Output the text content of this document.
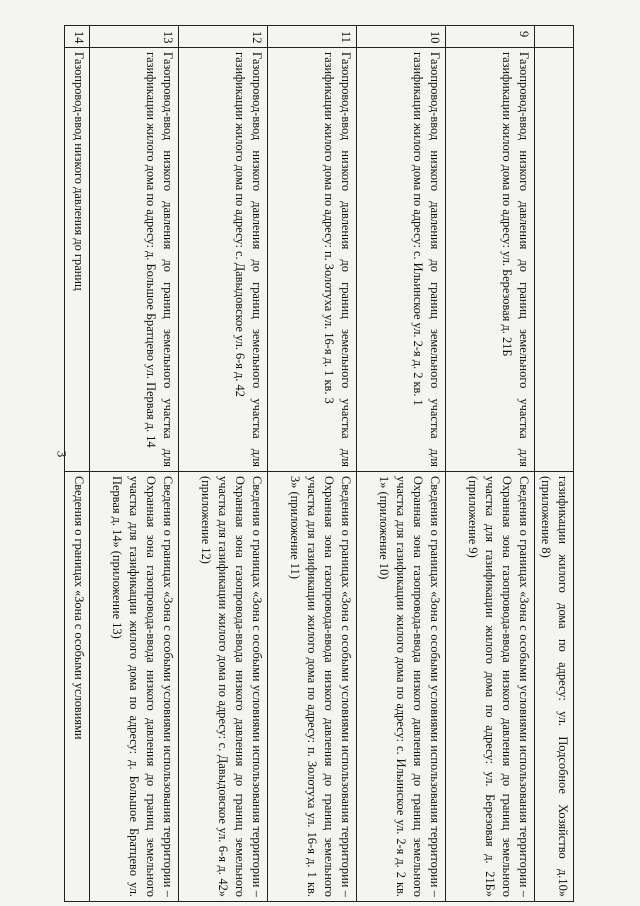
3
		газификации жилого дома по адресу: ул. Подсобное Хозяйство д.10» (приложение 8)
9	Газопровод-ввод низкого давления до границ земельного участка для газификации жилого дома по адресу: ул. Березовая д. 21Б	Сведения о границах «Зона с особыми условиями использования территории – Охранная зона газопровода-ввода низкого давления до границ земельного участка для газификации жилого дома по адресу: ул. Березовая д. 21Б» (приложение 9)
10	Газопровод-ввод низкого давления до границ земельного участка для газификации жилого дома по адресу: с. Ильинское ул. 2-я д. 2 кв. 1	Сведения о границах «Зона с особыми условиями использования территории – Охранная зона газопровода-ввода низкого давления до границ земельного участка для газификации жилого дома по адресу: с. Ильинское ул. 2-я д. 2 кв. 1» (приложение 10)
11	Газопровод-ввод низкого давления до границ земельного участка для газификации жилого дома по адресу: п. Золотуха ул. 16-я д. 1 кв. 3	Сведения о границах «Зона с особыми условиями использования территории – Охранная зона газопровода-ввода низкого давления до границ земельного участка для газификации жилого дома по адресу: п. Золотуха ул. 16-я д. 1 кв. 3» (приложение 11)
12	Газопровод-ввод низкого давления до границ земельного участка для газификации жилого дома по адресу: с. Давыдовское ул. 6-я д. 42	Сведения о границах «Зона с особыми условиями использования территории – Охранная зона газопровода-ввода низкого давления до границ земельного участка для газификации жилого дома по адресу: с. Давыдовское ул. 6-я д. 42» (приложение 12)
13	Газопровод-ввод низкого давления до границ земельного участка для газификации жилого дома по адресу: д. Большое Братцево ул. Первая д. 14	Сведения о границах «Зона с особыми условиями использования территории – Охранная зона газопровода-ввода низкого давления до границ земельного участка для газификации жилого дома по адресу: д. Большое Братцево ул. Первая д. 14» (приложение 13)
14	Газопровод-ввод низкого давления до границ	Сведения о границах «Зона с особыми условиями
